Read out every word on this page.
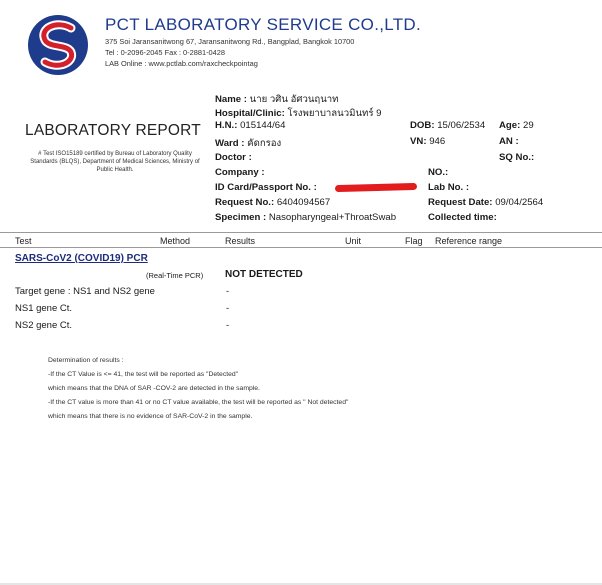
PCT LABORATORY SERVICE CO.,LTD.
375 Soi Jaransanitwong 67, Jaransanitwong Rd., Bangplad, Bangkok 10700
Tel : 0-2096-2045 Fax : 0-2881-0428
LAB Online : www.pctlab.com/raxcheckpointag
LABORATORY REPORT
# Test ISO15189 certified by Bureau of Laboratory Quality Standards (BLQS), Department of Medical Sciences, Ministry of Public Health.
Name : นาย วศิน อัศวนฤนาท
Hospital/Clinic: โรงพยาบาลนวมินทร์ 9
H.N.: 015144/64	DOB: 15/06/2534 Age: 29
Ward : คัดกรอง	VN: 946	AN :
Doctor :	SQ No.:
Company :	NO.:
ID Card/Passport No. :	Lab No. :
Request No.: 6404094567	Request Date: 09/04/2564
Specimen : Nasopharyngeal+ThroatSwab	Collected time:
Test	Method	Results	Unit	Flag Reference range
SARS-CoV2 (COVID19) PCR
(Real-Time PCR) NOT DETECTED
Target gene : NS1 and NS2 gene	-
NS1 gene Ct.	-
NS2 gene Ct.	-
Determination of results :
-If the CT Value is <= 41, the test will be reported as "Detected"
which means that the DNA of SAR -COV-2 are detected in the sample.
-If the CT value is more than 41 or no CT value available, the test will be reported as " Not detected"
which means that there is no evidence of SAR-CoV-2 in the sample.
